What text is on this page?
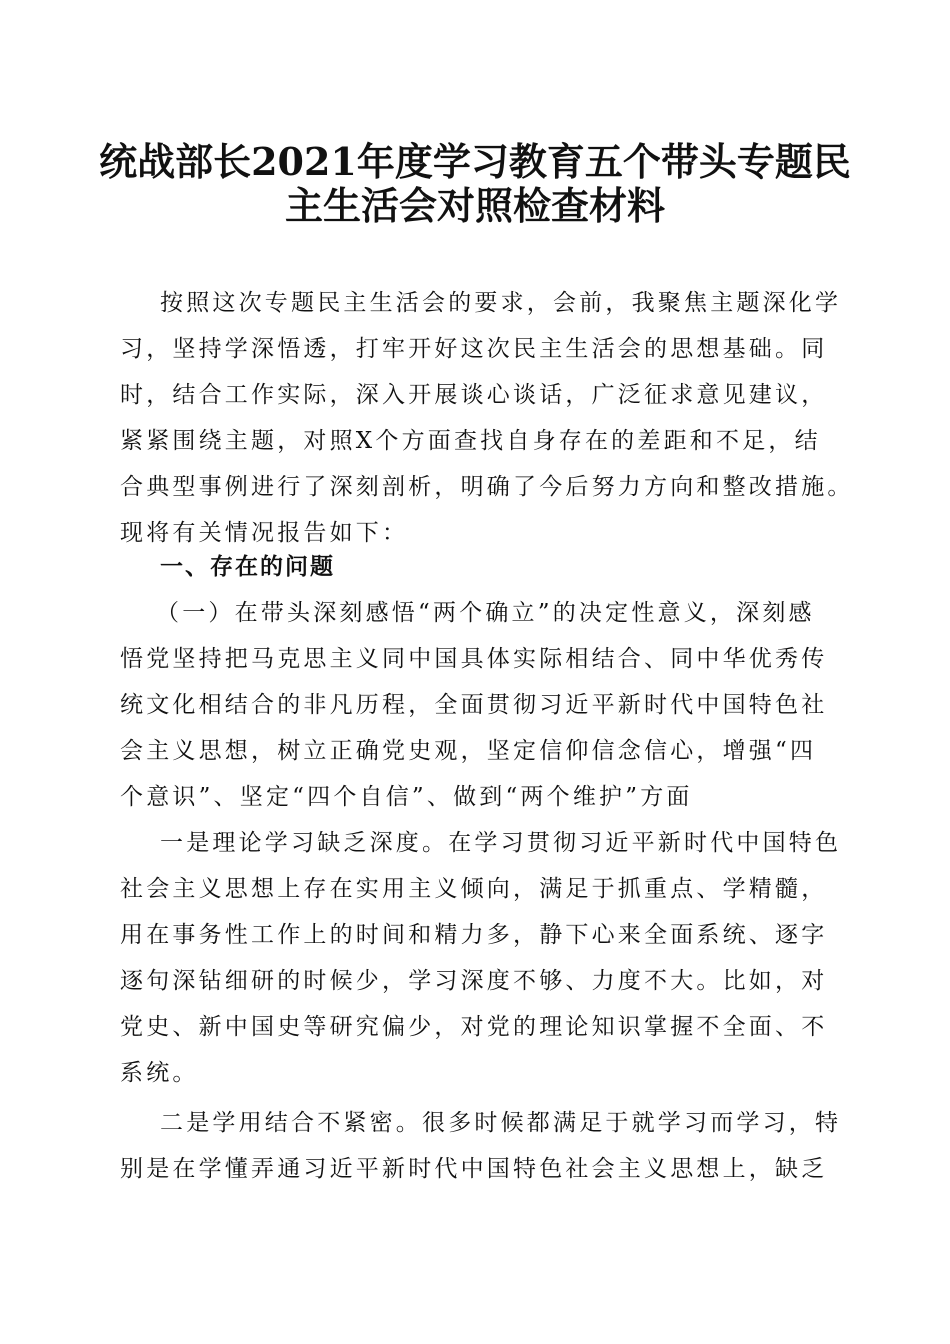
统战部长2021年度学习教育五个带头专题民
主生活会对照检查材料
按照这次专题民主生活会的要求，会前，我聚焦主题深化学
习，坚持学深悟透，打牢开好这次民主生活会的思想基础。同
时，结合工作实际，深入开展谈心谈话，广泛征求意见建议，
紧紧围绕主题，对照X个方面查找自身存在的差距和不足，结
合典型事例进行了深刻剖析，明确了今后努力方向和整改措施。
现将有关情况报告如下：
一、存在的问题
（一）在带头深刻感悟“两个确立”的决定性意义，深刻感
悟党坚持把马克思主义同中国具体实际相结合、同中华优秀传
统文化相结合的非凡历程，全面贯彻习近平新时代中国特色社
会主义思想，树立正确党史观，坚定信仰信念信心，增强“四
个意识”、坚定“四个自信”、做到“两个维护”方面
一是理论学习缺乏深度。在学习贯彻习近平新时代中国特色
社会主义思想上存在实用主义倾向，满足于抓重点、学精髓，
用在事务性工作上的时间和精力多，静下心来全面系统、逐字
逐句深钻细研的时候少，学习深度不够、力度不大。比如，对
党史、新中国史等研究偏少，对党的理论知识掌握不全面、不
系统。
二是学用结合不紧密。很多时候都满足于就学习而学习，特
别是在学懂弄通习近平新时代中国特色社会主义思想上，缺乏
